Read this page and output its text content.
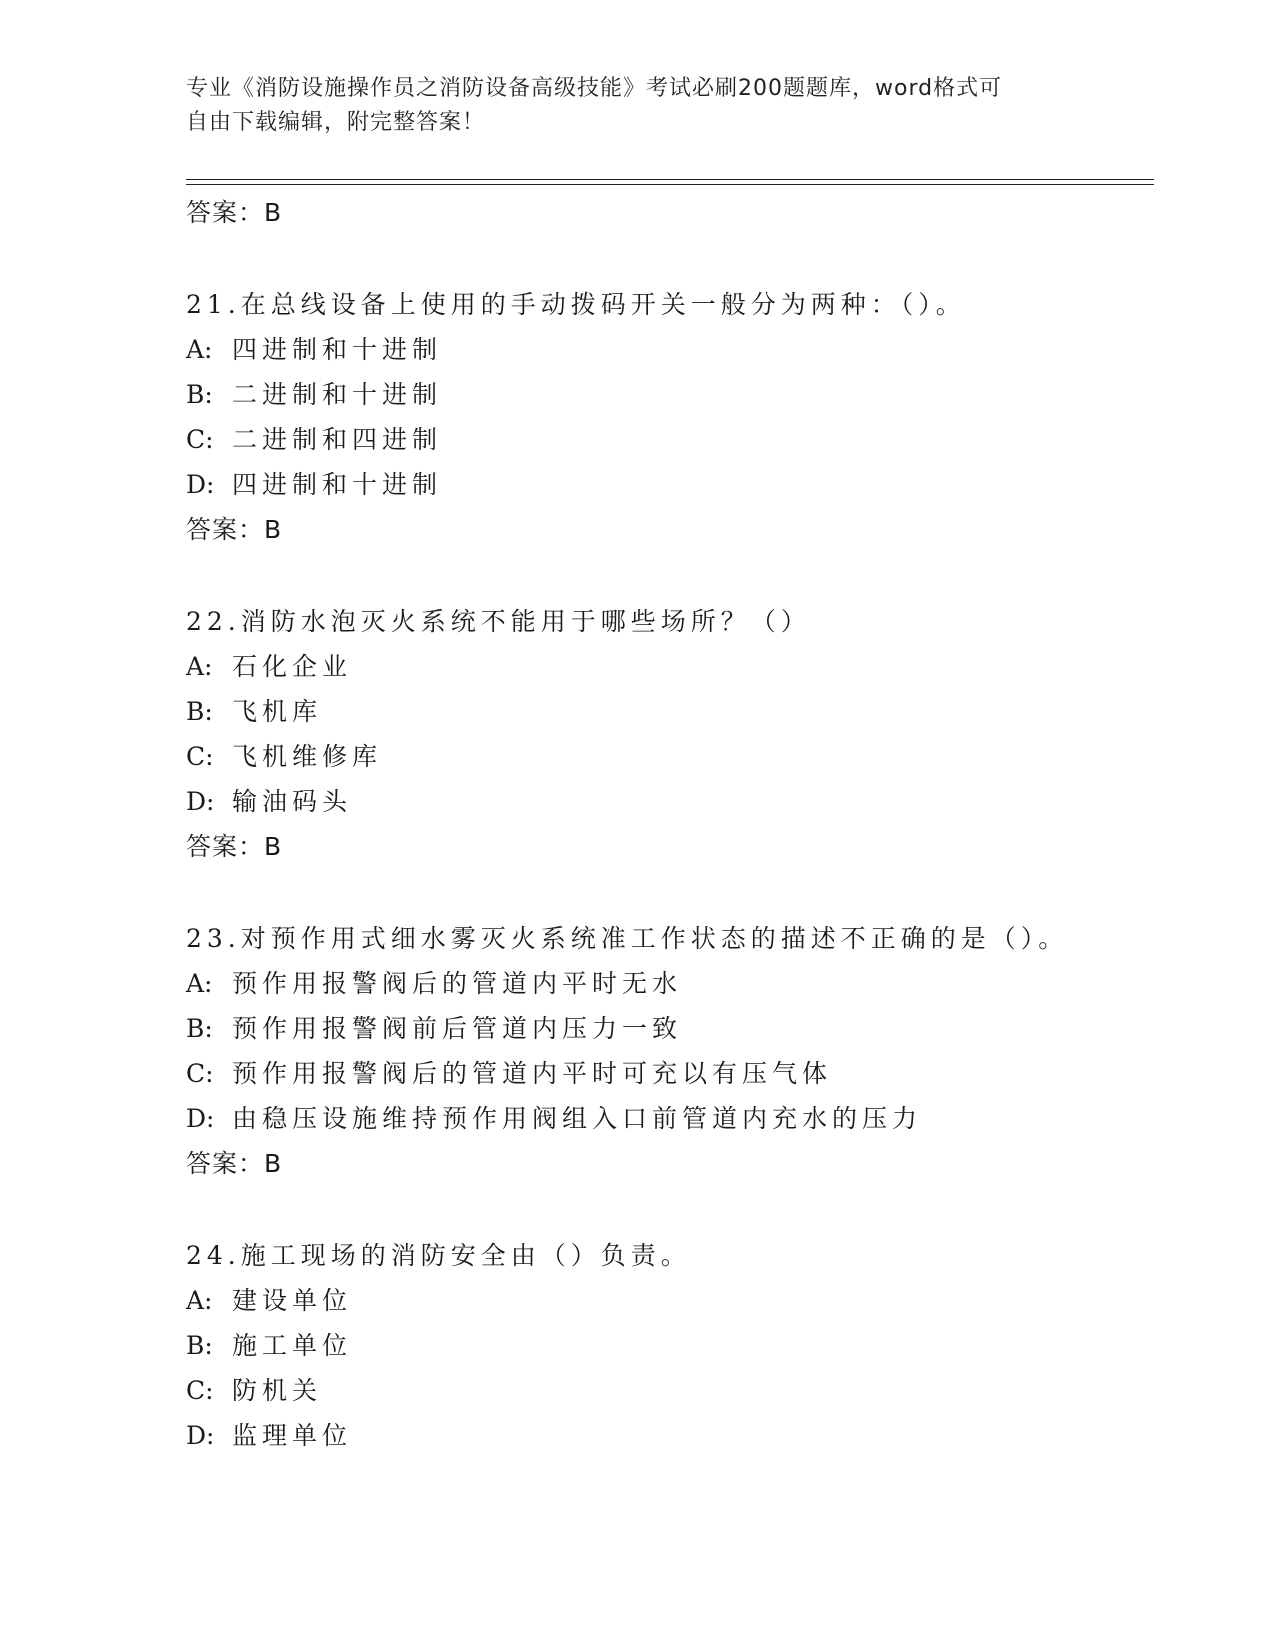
专业《消防设施操作员之消防设备高级技能》考试必刷200题题库，word格式可
自由下载编辑，附完整答案！
答案：B
21.在总线设备上使用的手动拨码开关一般分为两种：（）。
A: 四进制和十进制
B: 二进制和十进制
C: 二进制和四进制
D: 四进制和十进制
答案：B
22.消防水泡灭火系统不能用于哪些场所？（）
A: 石化企业
B: 飞机库
C: 飞机维修库
D: 输油码头
答案：B
23.对预作用式细水雾灭火系统准工作状态的描述不正确的是（）。
A: 预作用报警阀后的管道内平时无水
B: 预作用报警阀前后管道内压力一致
C: 预作用报警阀后的管道内平时可充以有压气体
D: 由稳压设施维持预作用阀组入口前管道内充水的压力
答案：B
24.施工现场的消防安全由（）负责。
A: 建设单位
B: 施工单位
C: 防机关
D: 监理单位
